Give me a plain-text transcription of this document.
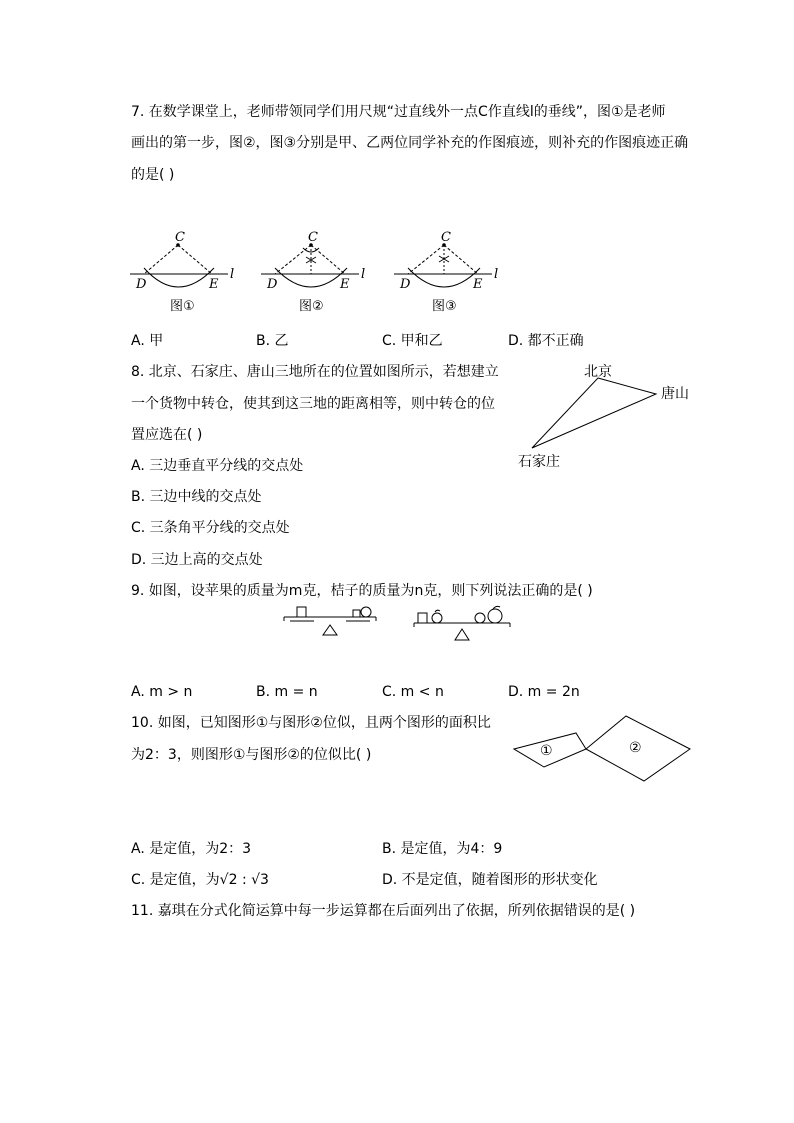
7. 在数学课堂上，老师带领同学们用尺规“过直线外一点C作直线l的垂线”，图①是老师
画出的第一步，图②，图③分别是甲、乙两位同学补充的作图痕迹，则补充的作图痕迹正确
的是( )
C
D	E
l
图①
C
D	E
l
图②
C
D	E
l
图③
A. 甲	B. 乙	C. 甲和乙	D. 都不正确
8. 北京、石家庄、唐山三地所在的位置如图所示，若想建立
一个货物中转仓，使其到这三地的距离相等，则中转仓的位
置应选在( )
北京
唐山
石家庄
A. 三边垂直平分线的交点处
B. 三边中线的交点处
C. 三条角平分线的交点处
D. 三边上高的交点处
9. 如图，设苹果的质量为m克，桔子的质量为n克，则下列说法正确的是( )
A. m > n	B. m = n	C. m < n	D. m = 2n
10. 如图，已知图形①与图形②位似，且两个图形的面积比
为2：3，则图形①与图形②的位似比( )	①	②
A. 是定值，为2：3	B. 是定值，为4：9
C. 是定值，为√2 : √3	D. 不是定值，随着图形的形状变化
11. 嘉琪在分式化简运算中每一步运算都在后面列出了依据，所列依据错误的是( )
